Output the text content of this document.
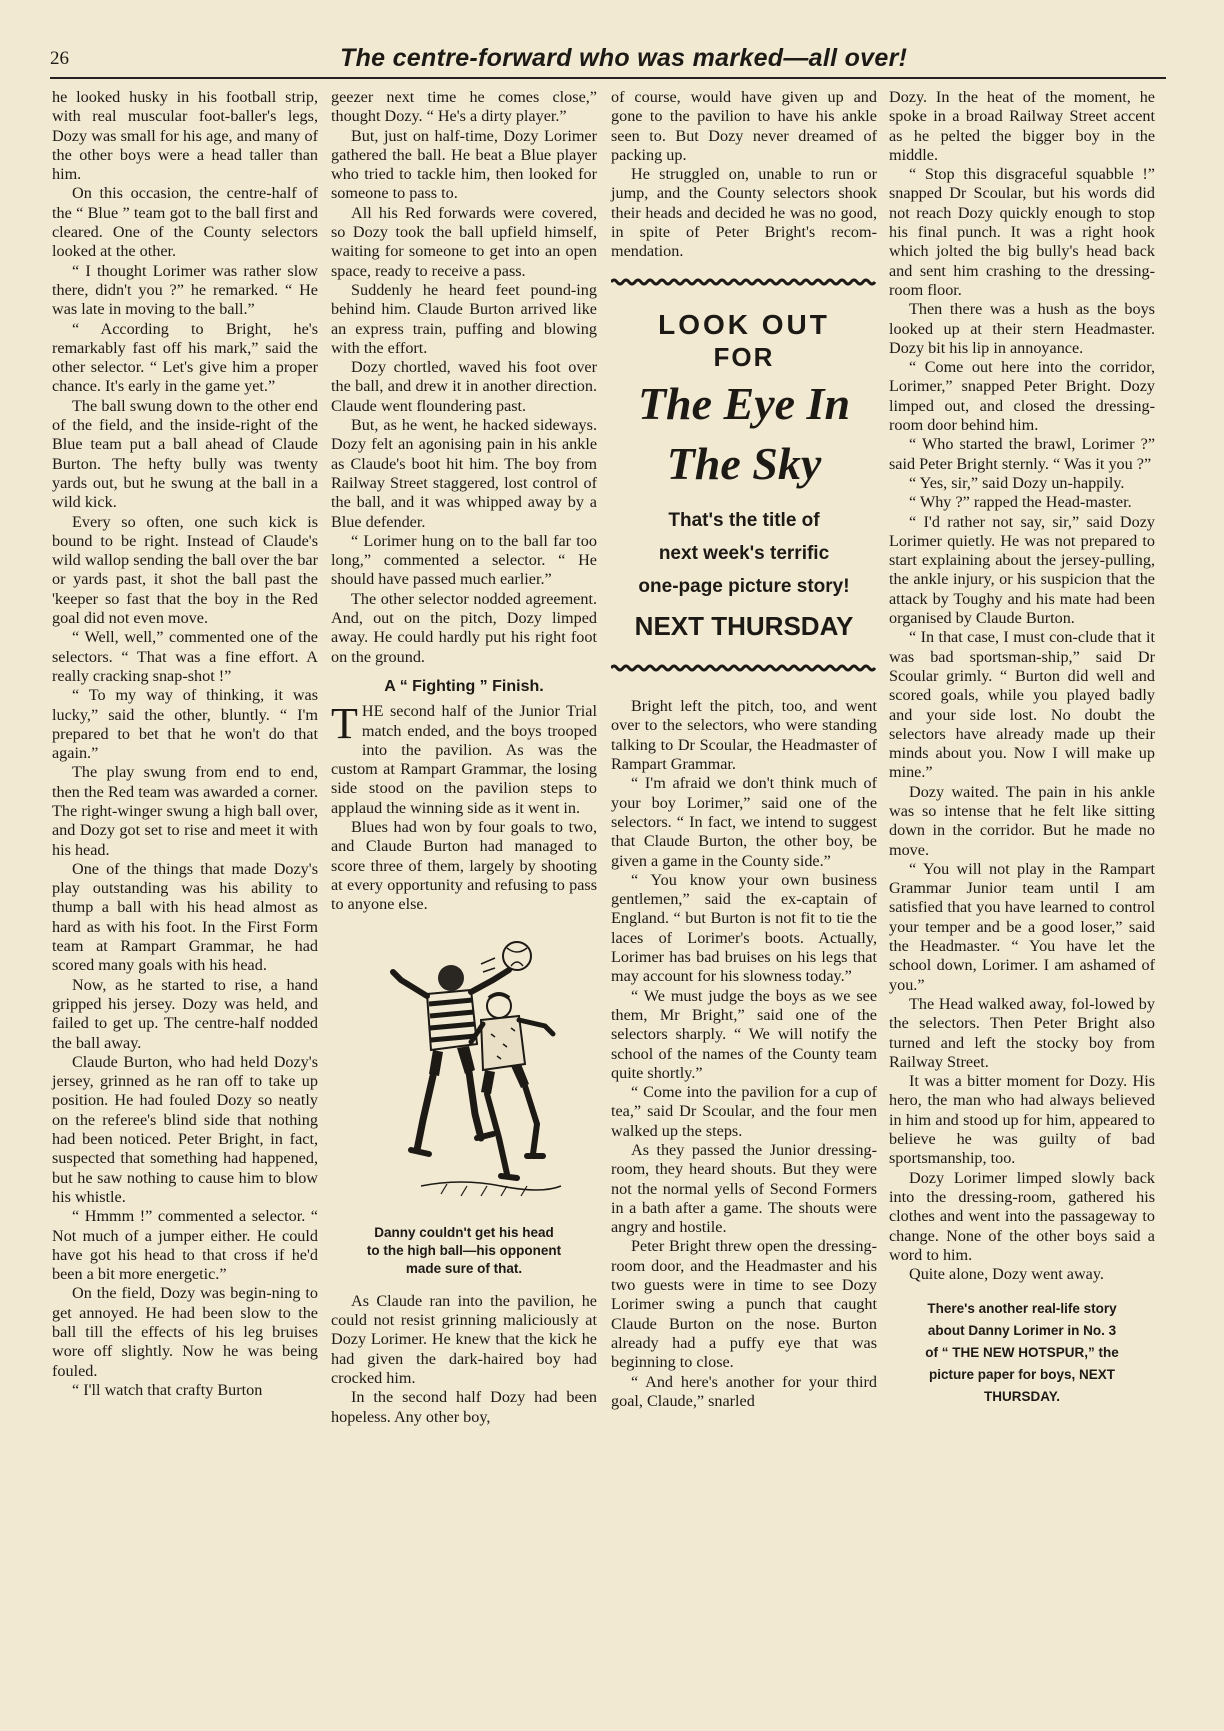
26	The centre-forward who was marked—all over!

he looked husky in his football strip, with real muscular foot-baller's legs, Dozy was small for his age, and many of the other boys were a head taller than him.

On this occasion, the centre-half of the “ Blue ” team got to the ball first and cleared. One of the County selectors looked at the other.

“ I thought Lorimer was rather slow there, didn't you ?” he remarked. “ He was late in moving to the ball.”

“ According to Bright, he's remarkably fast off his mark,” said the other selector. “ Let's give him a proper chance. It's early in the game yet.”

The ball swung down to the other end of the field, and the inside-right of the Blue team put a ball ahead of Claude Burton. The hefty bully was twenty yards out, but he swung at the ball in a wild kick.

Every so often, one such kick is bound to be right. Instead of Claude's wild wallop sending the ball over the bar or yards past, it shot the ball past the 'keeper so fast that the boy in the Red goal did not even move.

“ Well, well,” commented one of the selectors. “ That was a fine effort. A really cracking snap-shot !”

“ To my way of thinking, it was lucky,” said the other, bluntly. “ I'm prepared to bet that he won't do that again.”

The play swung from end to end, then the Red team was awarded a corner. The right-winger swung a high ball over, and Dozy got set to rise and meet it with his head.

One of the things that made Dozy's play outstanding was his ability to thump a ball with his head almost as hard as with his foot. In the First Form team at Rampart Grammar, he had scored many goals with his head.

Now, as he started to rise, a hand gripped his jersey. Dozy was held, and failed to get up. The centre-half nodded the ball away.

Claude Burton, who had held Dozy's jersey, grinned as he ran off to take up position. He had fouled Dozy so neatly on the referee's blind side that nothing had been noticed. Peter Bright, in fact, suspected that something had happened, but he saw nothing to cause him to blow his whistle.

“ Hmmm !” commented a selector. “ Not much of a jumper either. He could have got his head to that cross if he'd been a bit more energetic.”

On the field, Dozy was begin-ning to get annoyed. He had been slow to the ball till the effects of his leg bruises wore off slightly. Now he was being fouled.

“ I'll watch that crafty Burton

geezer next time he comes close,” thought Dozy. “ He's a dirty player.”

But, just on half-time, Dozy Lorimer gathered the ball. He beat a Blue player who tried to tackle him, then looked for someone to pass to.

All his Red forwards were covered, so Dozy took the ball upfield himself, waiting for someone to get into an open space, ready to receive a pass.

Suddenly he heard feet pound-ing behind him. Claude Burton arrived like an express train, puffing and blowing with the effort.

Dozy chortled, waved his foot over the ball, and drew it in another direction. Claude went floundering past.

But, as he went, he hacked sideways. Dozy felt an agonising pain in his ankle as Claude's boot hit him. The boy from Railway Street staggered, lost control of the ball, and it was whipped away by a Blue defender.

“ Lorimer hung on to the ball far too long,” commented a selector. “ He should have passed much earlier.”

The other selector nodded agreement. And, out on the pitch, Dozy limped away. He could hardly put his right foot on the ground.

A “ Fighting ” Finish.

THE second half of the Junior Trial match ended, and the boys trooped into the pavilion. As was the custom at Rampart Grammar, the losing side stood on the pavilion steps to applaud the winning side as it went in.

Blues had won by four goals to two, and Claude Burton had managed to score three of them, largely by shooting at every opportunity and refusing to pass to anyone else.

Danny couldn't get his head
to the high ball—his opponent
made sure of that.

As Claude ran into the pavilion, he could not resist grinning maliciously at Dozy Lorimer. He knew that the kick he had given the dark-haired boy had crocked him.

In the second half Dozy had been hopeless. Any other boy,

of course, would have given up and gone to the pavilion to have his ankle seen to. But Dozy never dreamed of packing up.

He struggled on, unable to run or jump, and the County selectors shook their heads and decided he was no good, in spite of Peter Bright's recom-mendation.

LOOK OUT
FOR
The Eye In
The Sky
That's the title of
next week's terrific
one-page picture story!
NEXT THURSDAY

Bright left the pitch, too, and went over to the selectors, who were standing talking to Dr Scoular, the Headmaster of Rampart Grammar.

“ I'm afraid we don't think much of your boy Lorimer,” said one of the selectors. “ In fact, we intend to suggest that Claude Burton, the other boy, be given a game in the County side.”

“ You know your own business gentlemen,” said the ex-captain of England. “ but Burton is not fit to tie the laces of Lorimer's boots. Actually, Lorimer has bad bruises on his legs that may account for his slowness today.”

“ We must judge the boys as we see them, Mr Bright,” said one of the selectors sharply. “ We will notify the school of the names of the County team quite shortly.”

“ Come into the pavilion for a cup of tea,” said Dr Scoular, and the four men walked up the steps.

As they passed the Junior dressing-room, they heard shouts. But they were not the normal yells of Second Formers in a bath after a game. The shouts were angry and hostile.

Peter Bright threw open the dressing-room door, and the Headmaster and his two guests were in time to see Dozy Lorimer swing a punch that caught Claude Burton on the nose. Burton already had a puffy eye that was beginning to close.

“ And here's another for your third goal, Claude,” snarled

Dozy. In the heat of the moment, he spoke in a broad Railway Street accent as he pelted the bigger boy in the middle.

“ Stop this disgraceful squabble !” snapped Dr Scoular, but his words did not reach Dozy quickly enough to stop his final punch. It was a right hook which jolted the big bully's head back and sent him crashing to the dressing-room floor.

Then there was a hush as the boys looked up at their stern Headmaster. Dozy bit his lip in annoyance.

“ Come out here into the corridor, Lorimer,” snapped Peter Bright. Dozy limped out, and closed the dressing-room door behind him.

“ Who started the brawl, Lorimer ?” said Peter Bright sternly. “ Was it you ?”

“ Yes, sir,” said Dozy un-happily.

“ Why ?” rapped the Head-master.

“ I'd rather not say, sir,” said Dozy Lorimer quietly. He was not prepared to start explaining about the jersey-pulling, the ankle injury, or his suspicion that the attack by Toughy and his mate had been organised by Claude Burton.

“ In that case, I must con-clude that it was bad sportsman-ship,” said Dr Scoular grimly. “ Burton did well and scored goals, while you played badly and your side lost. No doubt the selectors have already made up their minds about you. Now I will make up mine.”

Dozy waited. The pain in his ankle was so intense that he felt like sitting down in the corridor. But he made no move.

“ You will not play in the Rampart Grammar Junior team until I am satisfied that you have learned to control your temper and be a good loser,” said the Headmaster. “ You have let the school down, Lorimer. I am ashamed of you.”

The Head walked away, fol-lowed by the selectors. Then Peter Bright also turned and left the stocky boy from Railway Street.

It was a bitter moment for Dozy. His hero, the man who had always believed in him and stood up for him, appeared to believe he was guilty of bad sportsmanship, too.

Dozy Lorimer limped slowly back into the dressing-room, gathered his clothes and went into the passageway to change. None of the other boys said a word to him.

Quite alone, Dozy went away.

There's another real-life story
about Danny Lorimer in No. 3
of “ THE NEW HOTSPUR,” the
picture paper for boys, NEXT
THURSDAY.
